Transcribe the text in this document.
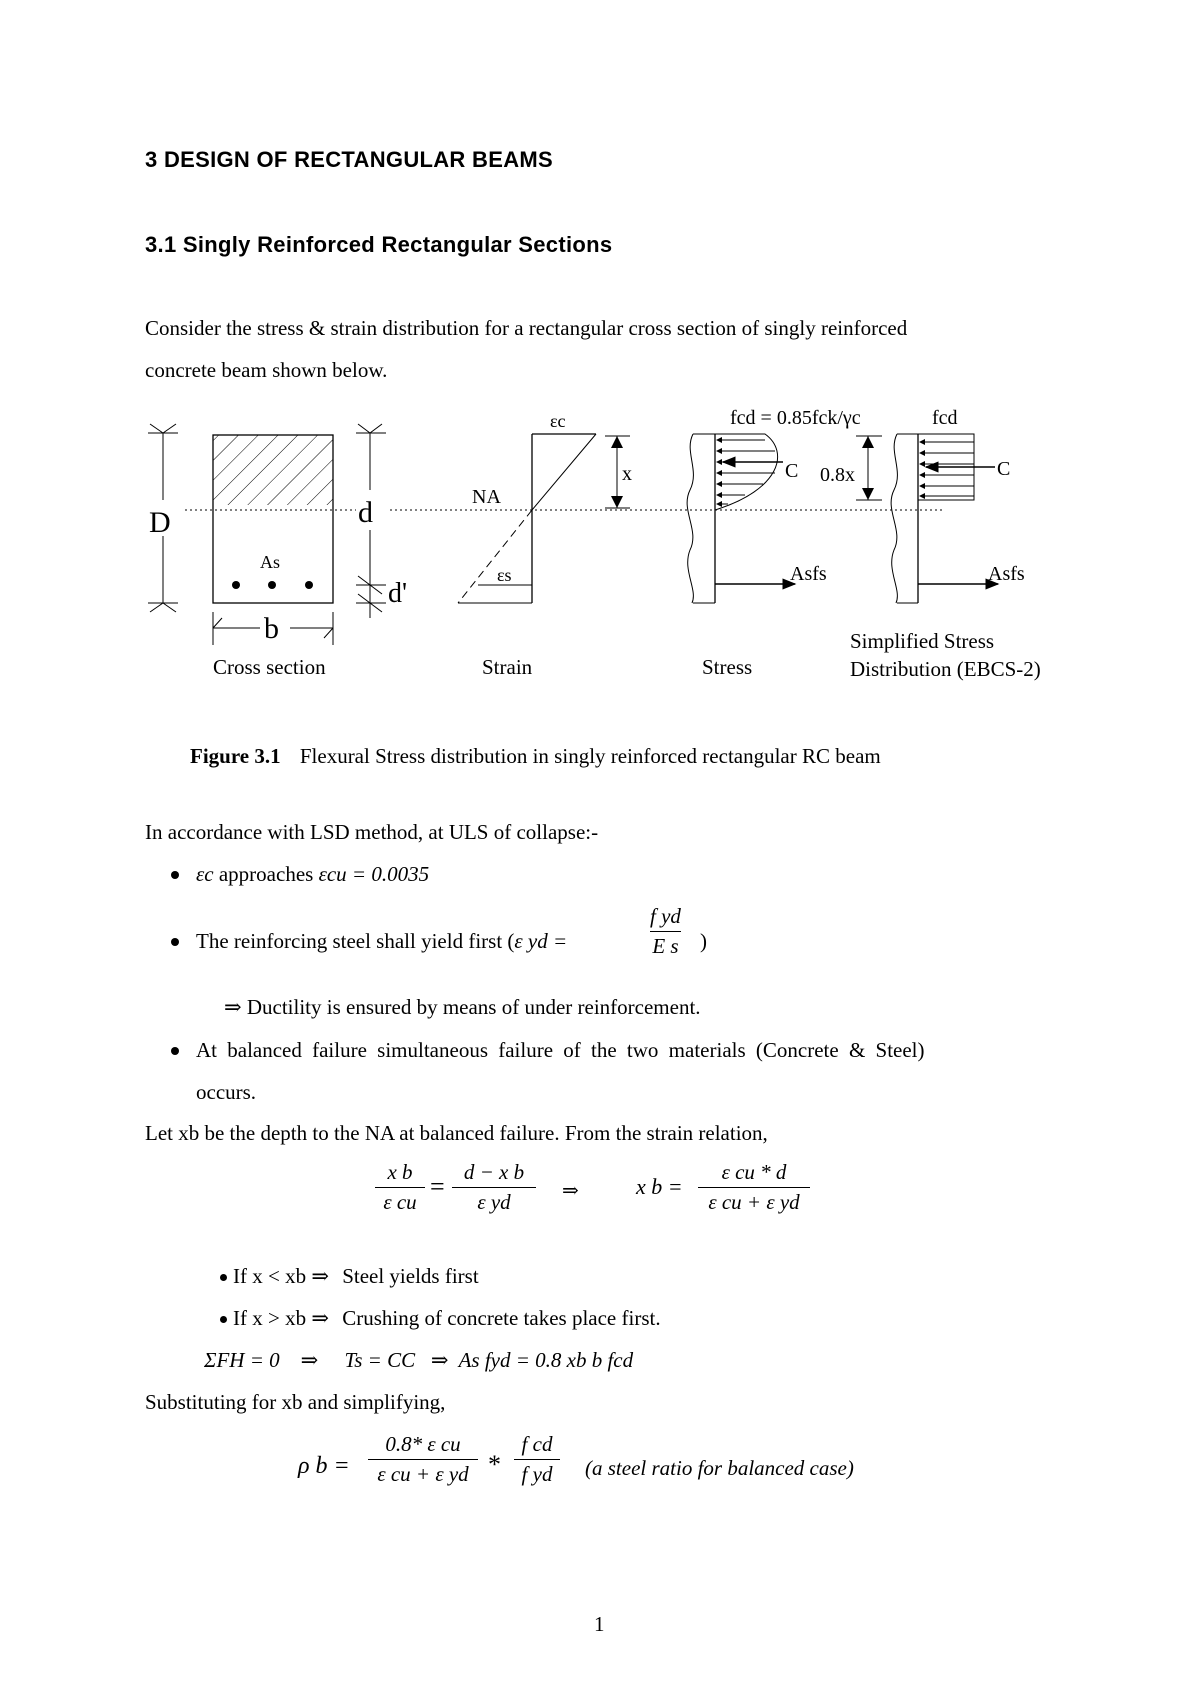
3 DESIGN OF RECTANGULAR BEAMS
3.1 Singly Reinforced Rectangular Sections
Consider the stress & strain distribution for a rectangular cross section of singly reinforced
concrete beam shown below.
D	d
d'
b
As
εc
εs
NA
x	C
Asfs
fcd = 0.85fck/γc
0.8x	C
Asfs
fcd
Cross section	Strain	Stress
Simplified Stress
Distribution (EBCS-2)
Figure 3.1 Flexural Stress distribution in singly reinforced rectangular RC beam
In accordance with LSD method, at ULS of collapse:-
εc approaches εcu = 0.0035
The reinforcing steel shall yield first (ε yd =
f yd
E s )
⇒ Ductility is ensured by means of under reinforcement.
At balanced failure simultaneous failure of the two materials (Concrete & Steel)
occurs.
Let xb be the depth to the NA at balanced failure. From the strain relation,
x b
ε cu
= d − x b
ε yd	⇒	x b =
ε cu * d
ε cu + ε yd
If x < xb ⇒ Steel yields first
If x > xb ⇒ Crushing of concrete takes place first.
ΣFH = 0    ⇒     Ts = CC   ⇒  As fyd = 0.8 xb b fcd
Substituting for xb and simplifying,
ρ b =
0.8* ε cu
ε cu + ε yd *
f cd
f yd	(a steel ratio for balanced case)
1
